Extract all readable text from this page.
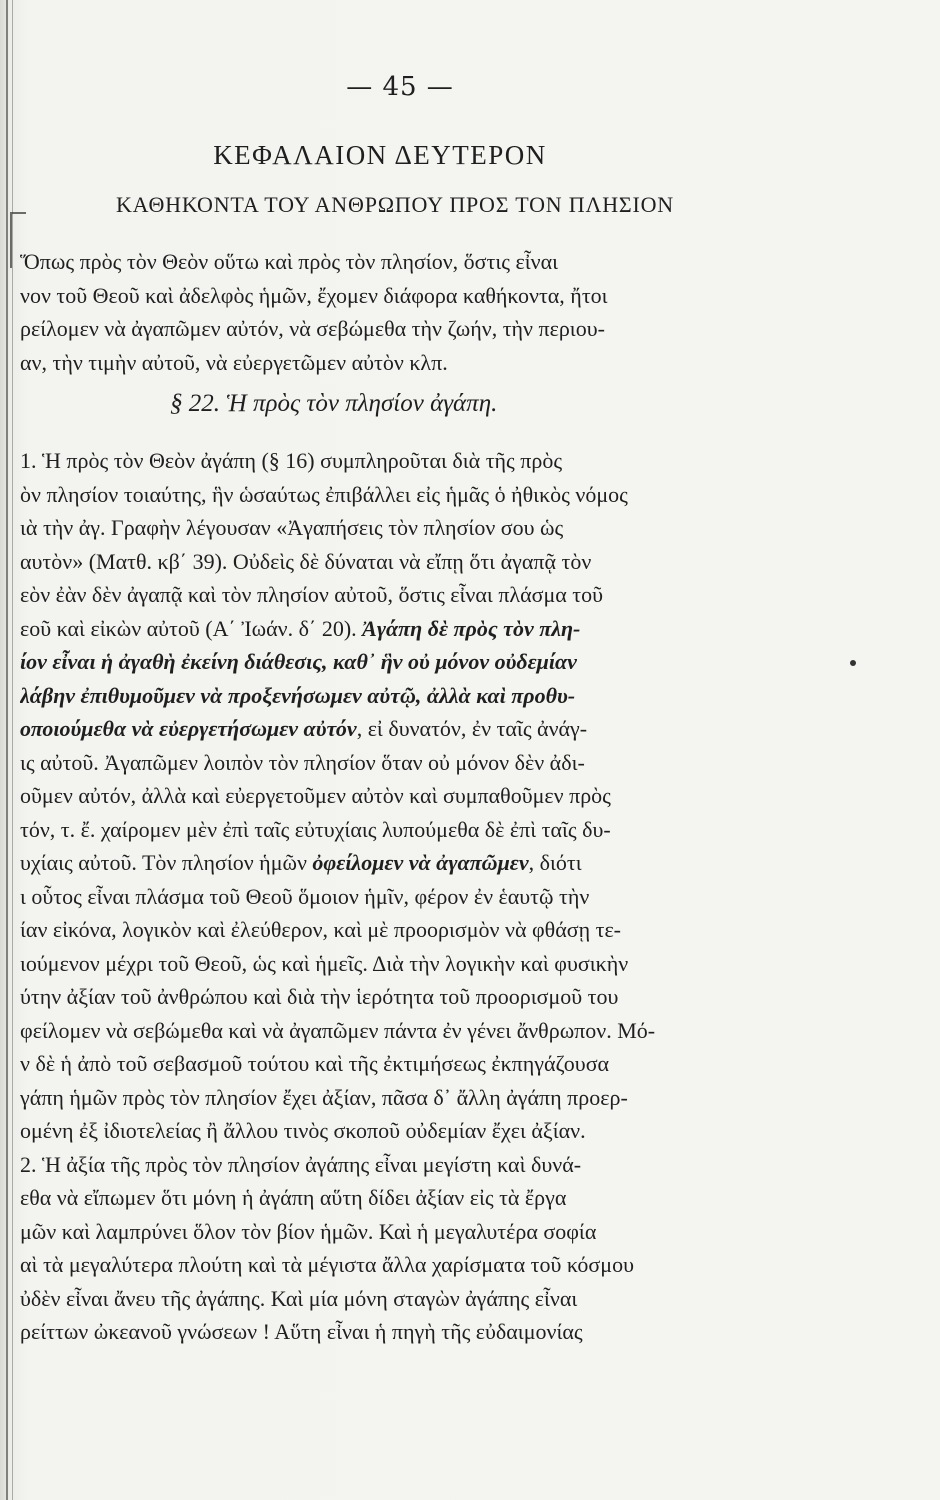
— 45 —
ΚΕΦΑΛΑΙΟΝ ΔΕΥΤΕΡΟΝ
ΚΑΘΗΚΟΝΤΑ ΤΟΥ ΑΝΘΡΩΠΟΥ ΠΡΟΣ ΤΟΝ ΠΛΗΣΙΟΝ
Ὅπως πρὸς τὸν Θεὸν οὕτω καὶ πρὸς τὸν πλησίον, ὅστις εἶναι
νον τοῦ Θεοῦ καὶ ἀδελφὸς ἡμῶν, ἔχομεν διάφορα καθήκοντα, ἤτοι
ρείλομεν νὰ ἀγαπῶμεν αὐτόν, νὰ σεβώμεθα τὴν ζωήν, τὴν περιου-
αν, τὴν τιμὴν αὐτοῦ, νὰ εὐεργετῶμεν αὐτὸν κλπ.
§ 22. Ἡ πρὸς τὸν πλησίον ἀγάπη.
1. Ἡ πρὸς τὸν Θεὸν ἀγάπη (§ 16) συμπληροῦται διὰ τῆς πρὸς
ὸν πλησίον τοιαύτης, ἣν ὡσαύτως ἐπιβάλλει εἰς ἡμᾶς ὁ ἠθικὸς νόμος
ιὰ τὴν ἀγ. Γραφὴν λέγουσαν «Ἀγαπήσεις τὸν πλησίον σου ὡς
αυτὸν» (Ματθ. κβ΄ 39). Οὐδεὶς δὲ δύναται νὰ εἴπῃ ὅτι ἀγαπᾷ τὸν
εὸν ἐὰν δὲν ἀγαπᾷ καὶ τὸν πλησίον αὐτοῦ, ὅστις εἶναι πλάσμα τοῦ
εοῦ καὶ εἰκὼν αὐτοῦ (Α΄ Ἰωάν. δ΄ 20). Ἀγάπη δὲ πρὸς τὸν πλη-
ίον εἶναι ἡ ἀγαθὴ ἐκείνη διάθεσις, καθ᾿ ἣν οὐ μόνον οὐδεμίαν
λάβην ἐπιθυμοῦμεν νὰ προξενήσωμεν αὐτῷ, ἀλλὰ καὶ προθυ-
οποιούμεθα νὰ εὐεργετήσωμεν αὐτόν, εἰ δυνατόν, ἐν ταῖς ἀνάγ-
ις αὐτοῦ. Ἀγαπῶμεν λοιπὸν τὸν πλησίον ὅταν οὐ μόνον δὲν ἀδι-
οῦμεν αὐτόν, ἀλλὰ καὶ εὐεργετοῦμεν αὐτὸν καὶ συμπαθοῦμεν πρὸς
τόν, τ. ἔ. χαίρομεν μὲν ἐπὶ ταῖς εὐτυχίαις λυπούμεθα δὲ ἐπὶ ταῖς δυ-
υχίαις αὐτοῦ. Τὸν πλησίον ἡμῶν ὀφείλομεν νὰ ἀγαπῶμεν, διότι
ι οὗτος εἶναι πλάσμα τοῦ Θεοῦ ὅμοιον ἡμῖν, φέρον ἐν ἑαυτῷ τὴν
ίαν εἰκόνα, λογικὸν καὶ ἐλεύθερον, καὶ μὲ προορισμὸν νὰ φθάσῃ τε-
ιούμενον μέχρι τοῦ Θεοῦ, ὡς καὶ ἡμεῖς. Διὰ τὴν λογικὴν καὶ φυσικὴν
ύτην ἀξίαν τοῦ ἀνθρώπου καὶ διὰ τὴν ἱερότητα τοῦ προορισμοῦ του
φείλομεν νὰ σεβώμεθα καὶ νὰ ἀγαπῶμεν πάντα ἐν γένει ἄνθρωπον. Μό-
ν δὲ ἡ ἀπὸ τοῦ σεβασμοῦ τούτου καὶ τῆς ἐκτιμήσεως ἐκπηγάζουσα
γάπη ἡμῶν πρὸς τὸν πλησίον ἔχει ἀξίαν, πᾶσα δ᾿ ἄλλη ἀγάπη προερ-
ομένη ἐξ ἰδιοτελείας ἢ ἄλλου τινὸς σκοποῦ οὐδεμίαν ἔχει ἀξίαν.
2. Ἡ ἀξία τῆς πρὸς τὸν πλησίον ἀγάπης εἶναι μεγίστη καὶ δυνά-
εθα νὰ εἴπωμεν ὅτι μόνη ἡ ἀγάπη αὕτη δίδει ἀξίαν εἰς τὰ ἔργα
μῶν καὶ λαμπρύνει ὅλον τὸν βίον ἡμῶν. Καὶ ἡ μεγαλυτέρα σοφία
αὶ τὰ μεγαλύτερα πλούτη καὶ τὰ μέγιστα ἄλλα χαρίσματα τοῦ κόσμου
ὐδὲν εἶναι ἄνευ τῆς ἀγάπης. Καὶ μία μόνη σταγὼν ἀγάπης εἶναι
ρείττων ὠκεανοῦ γνώσεων ! Αὕτη εἶναι ἡ πηγὴ τῆς εὐδαιμονίας
